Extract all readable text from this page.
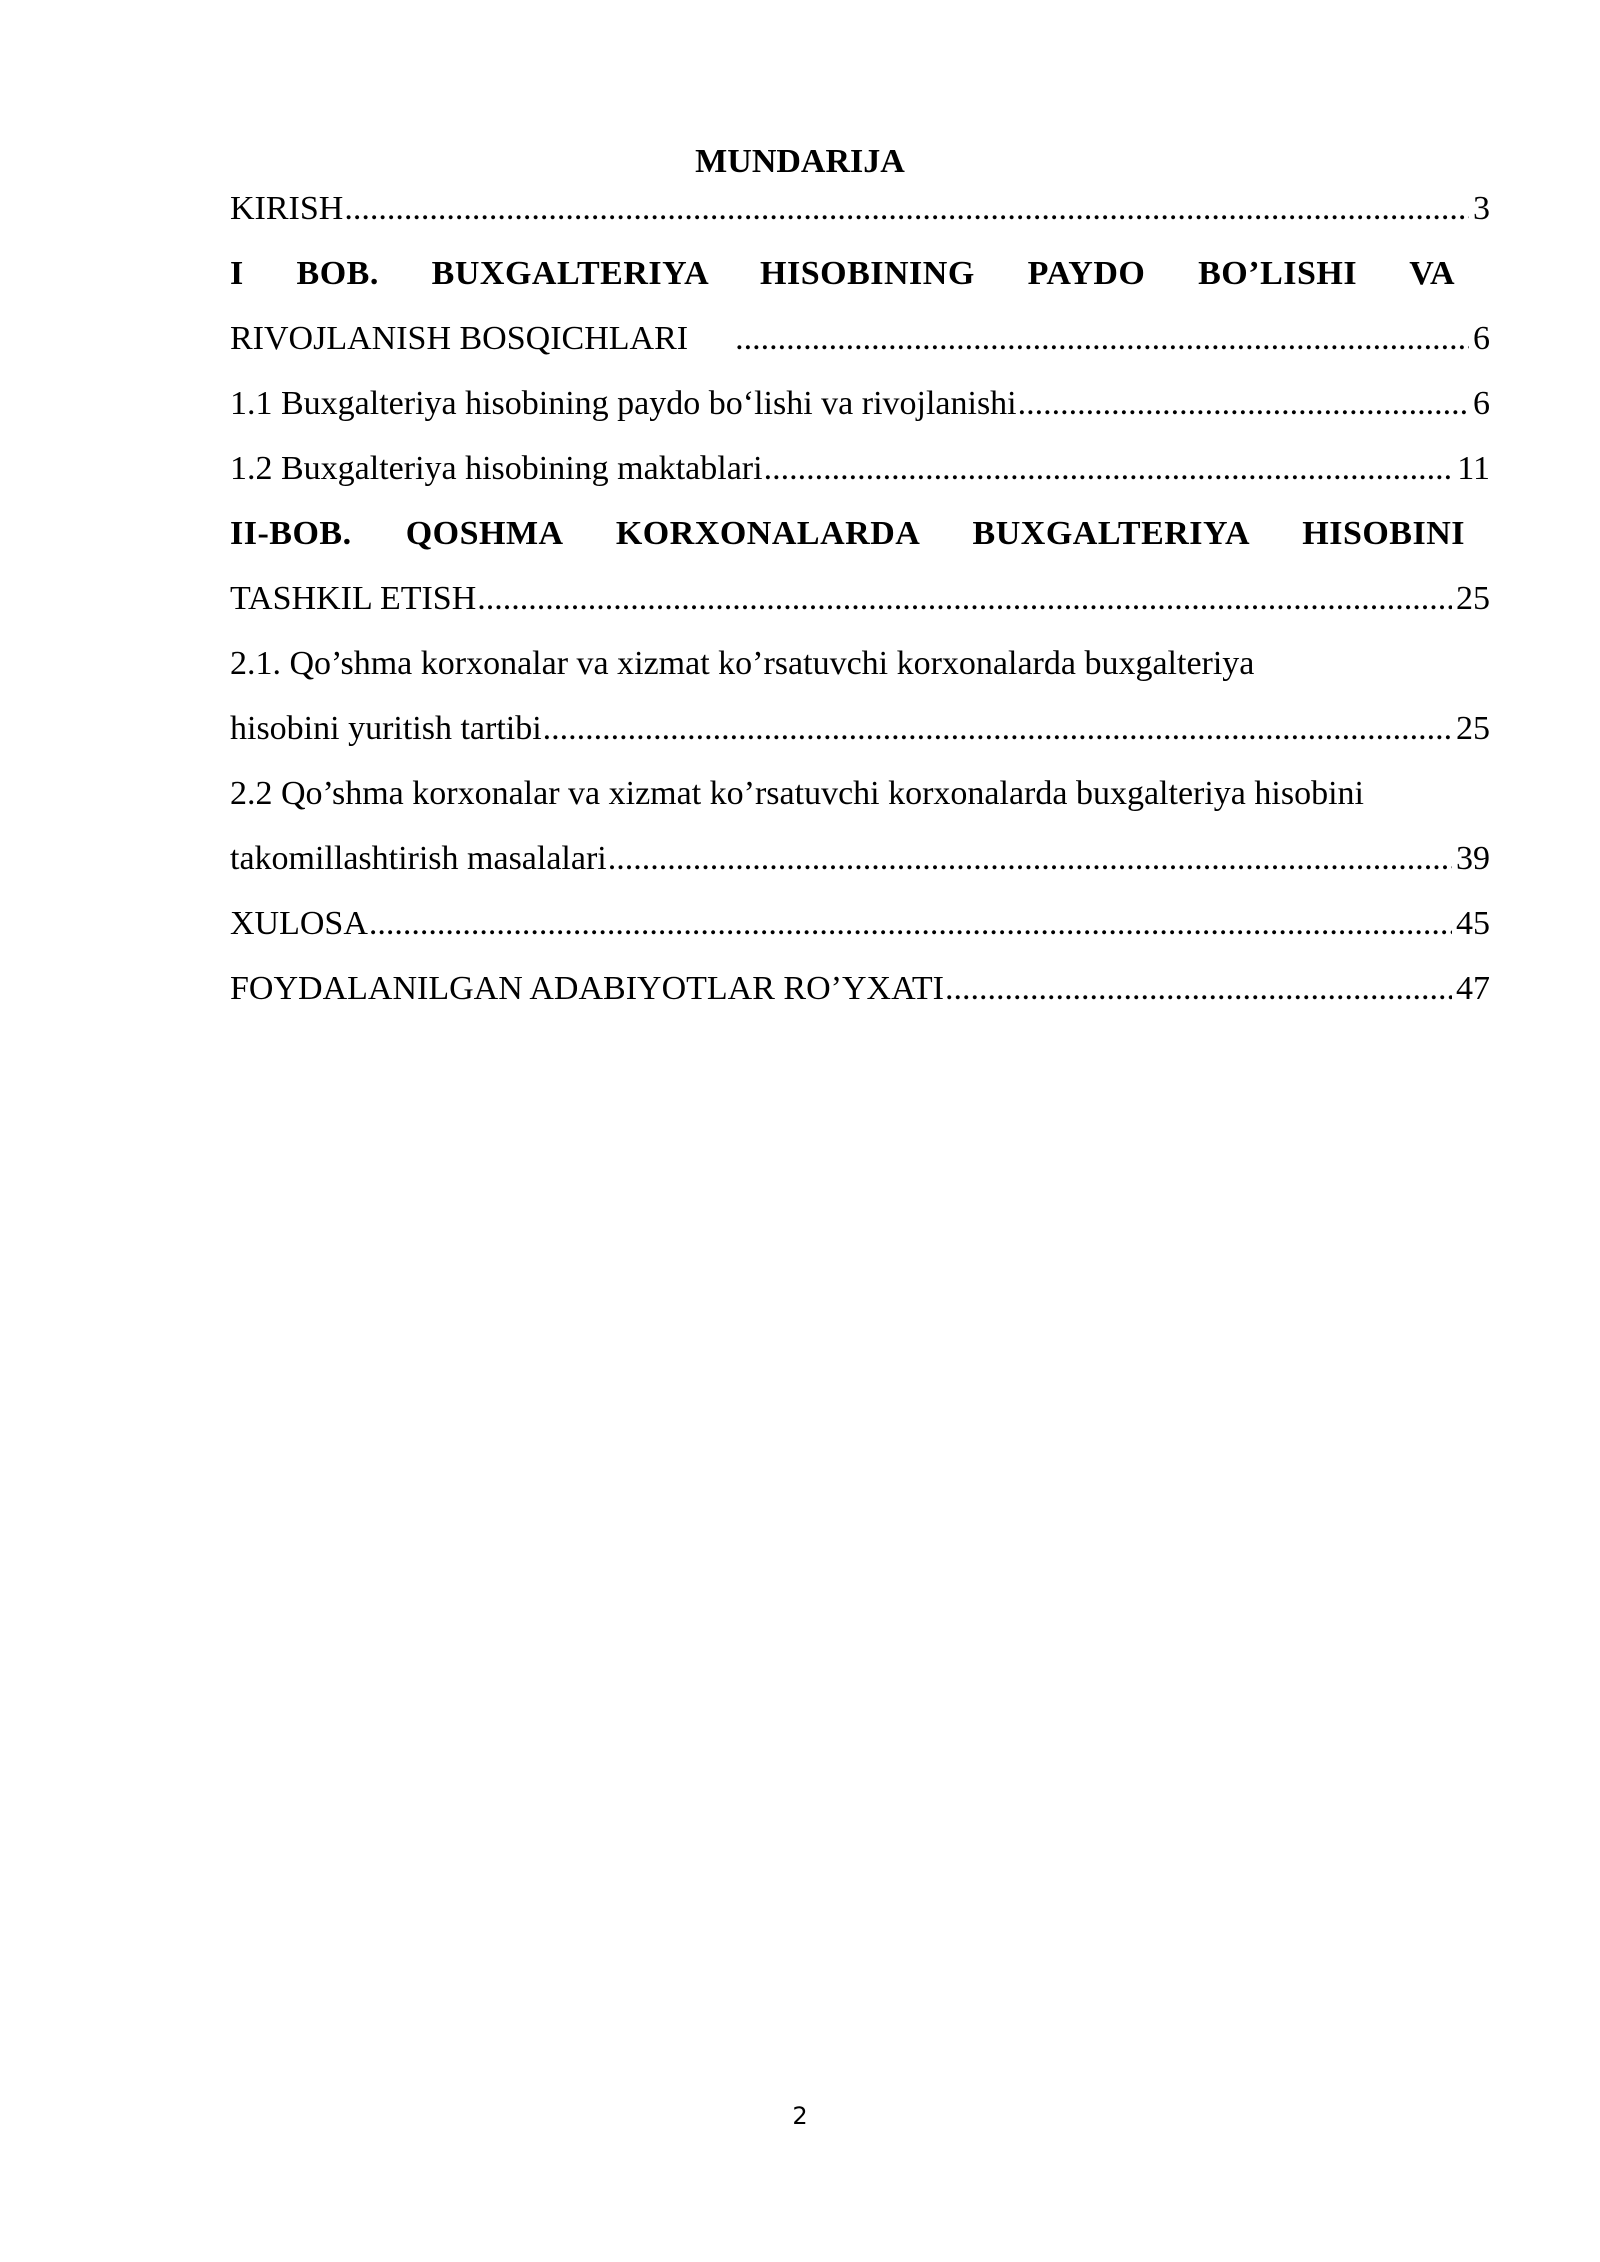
MUNDARIJA
KIRISH .....	3
I BOB. BUXGALTERIYA HISOBINING PAYDO BO’LISHI VA
RIVOJLANISH BOSQICHLARI .....	6
1.1 Buxgalteriya hisobining paydo bo‘lishi va rivojlanishi .....	6
1.2 Buxgalteriya hisobining maktablari .....	11
II-BOB. QOSHMA KORXONALARDA BUXGALTERIYA HISOBINI
TASHKIL ETISH .....	25
2.1. Qo’shma korxonalar va xizmat ko’rsatuvchi korxonalarda buxgalteriya
hisobini yuritish tartibi .....	25
2.2 Qo’shma korxonalar va xizmat ko’rsatuvchi korxonalarda buxgalteriya hisobini
takomillashtirish masalalari .....	39
XULOSA .....	45
FOYDALANILGAN ADABIYOTLAR RO’YXATI .....	47
2
